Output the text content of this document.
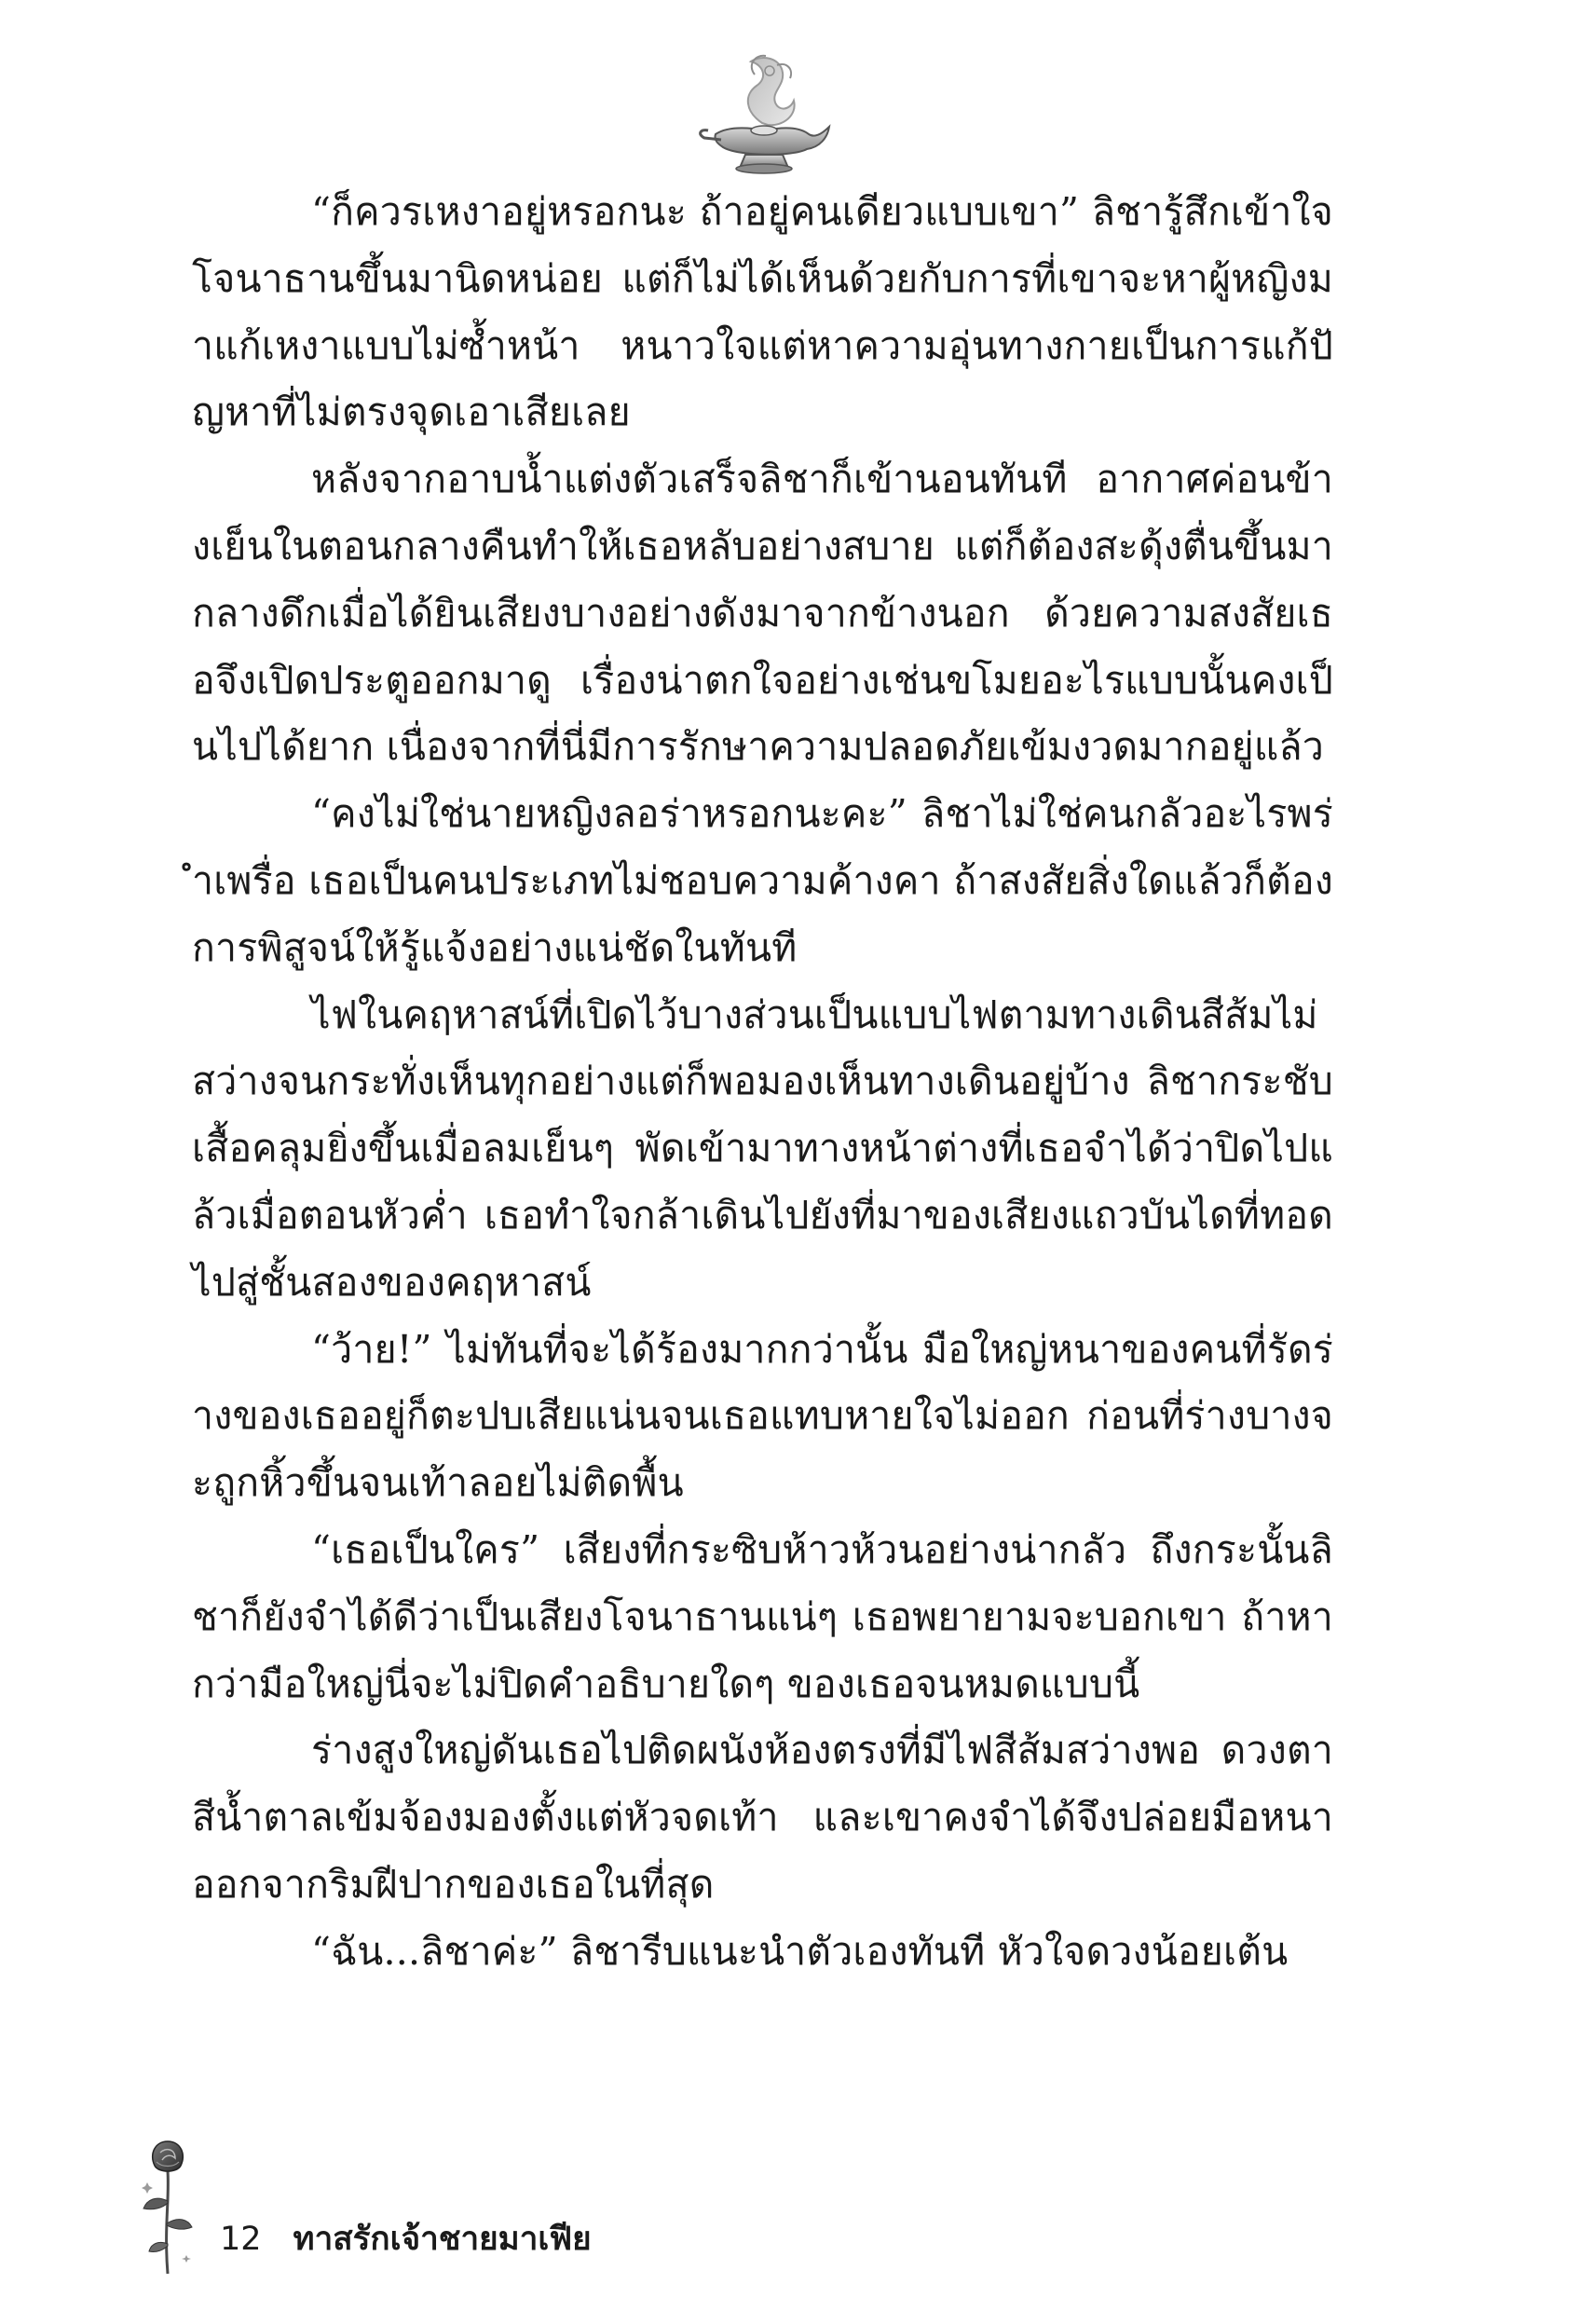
“ก็ควรเหงาอยู่หรอกนะ ถ้าอยู่คนเดียวแบบเขา” ลิชารู้สึกเข้าใจโจนาธานขึ้นมานิดหน่อย แต่ก็ไม่ได้เห็นด้วยกับการที่เขาจะหาผู้หญิงมาแก้เหงาแบบไม่ซ้ำหน้า หนาวใจแต่หาความอุ่นทางกายเป็นการแก้ปัญหาที่ไม่ตรงจุดเอาเสียเลย

หลังจากอาบน้ำแต่งตัวเสร็จลิชาก็เข้านอนทันที อากาศค่อนข้างเย็นในตอนกลางคืนทำให้เธอหลับอย่างสบาย แต่ก็ต้องสะดุ้งตื่นขึ้นมากลางดึกเมื่อได้ยินเสียงบางอย่างดังมาจากข้างนอก ด้วยความสงสัยเธอจึงเปิดประตูออกมาดู เรื่องน่าตกใจอย่างเช่นขโมยอะไรแบบนั้นคงเป็นไปได้ยาก เนื่องจากที่นี่มีการรักษาความปลอดภัยเข้มงวดมากอยู่แล้ว

“คงไม่ใช่นายหญิงลอร่าหรอกนะคะ” ลิชาไม่ใช่คนกลัวอะไรพร่ำเพรื่อ เธอเป็นคนประเภทไม่ชอบความค้างคา ถ้าสงสัยสิ่งใดแล้วก็ต้องการพิสูจน์ให้รู้แจ้งอย่างแน่ชัดในทันที

ไฟในคฤหาสน์ที่เปิดไว้บางส่วนเป็นแบบไฟตามทางเดินสีส้มไม่สว่างจนกระทั่งเห็นทุกอย่างแต่ก็พอมองเห็นทางเดินอยู่บ้าง ลิชากระชับเสื้อคลุมยิ่งขึ้นเมื่อลมเย็นๆ พัดเข้ามาทางหน้าต่างที่เธอจำได้ว่าปิดไปแล้วเมื่อตอนหัวค่ำ เธอทำใจกล้าเดินไปยังที่มาของเสียงแถวบันไดที่ทอดไปสู่ชั้นสองของคฤหาสน์

“ว้าย!” ไม่ทันที่จะได้ร้องมากกว่านั้น มือใหญ่หนาของคนที่รัดร่างของเธออยู่ก็ตะปบเสียแน่นจนเธอแทบหายใจไม่ออก ก่อนที่ร่างบางจะถูกหิ้วขึ้นจนเท้าลอยไม่ติดพื้น

“เธอเป็นใคร” เสียงที่กระซิบห้าวห้วนอย่างน่ากลัว ถึงกระนั้นลิชาก็ยังจำได้ดีว่าเป็นเสียงโจนาธานแน่ๆ เธอพยายามจะบอกเขา ถ้าหากว่ามือใหญ่นี่จะไม่ปิดคำอธิบายใดๆ ของเธอจนหมดแบบนี้

ร่างสูงใหญ่ดันเธอไปติดผนังห้องตรงที่มีไฟสีส้มสว่างพอ ดวงตาสีน้ำตาลเข้มจ้องมองตั้งแต่หัวจดเท้า และเขาคงจำได้จึงปล่อยมือหนาออกจากริมฝีปากของเธอในที่สุด

“ฉัน...ลิชาค่ะ” ลิชารีบแนะนำตัวเองทันที หัวใจดวงน้อยเต้น

12 ทาสรักเจ้าชายมาเฟีย
